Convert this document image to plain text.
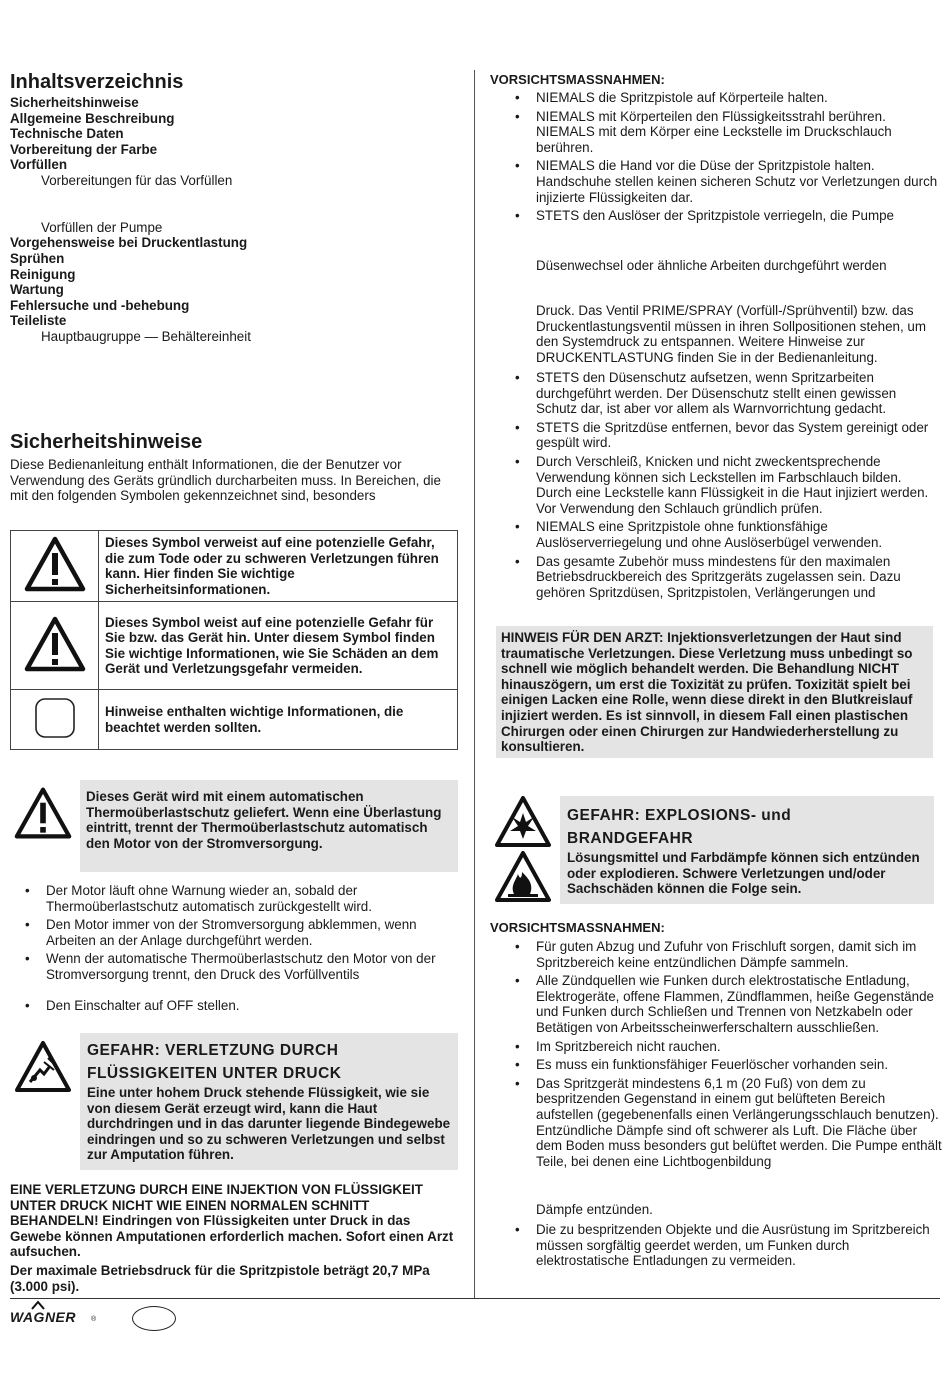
Inhaltsverzeichnis
Sicherheitshinweise
Allgemeine Beschreibung
Technische Daten
Vorbereitung der Farbe
Vorfüllen
Vorbereitungen für das Vorfüllen
Vorfüllen der Pumpe
Vorgehensweise bei Druckentlastung
Sprühen
Reinigung
Wartung
Fehlersuche und -behebung
Teileliste
Hauptbaugruppe — Behältereinheit
Sicherheitshinweise
Diese Bedienanleitung enthält Informationen, die der Benutzer vor Verwendung des Geräts gründlich durcharbeiten muss. In Bereichen, die mit den folgenden Symbolen gekennzeichnet sind, besonders
	Dieses Symbol verweist auf eine potenzielle Gefahr, die zum Tode oder zu schweren Verletzungen führen kann. Hier finden Sie wichtige Sicherheitsinformationen.
	Dieses Symbol weist auf eine potenzielle Gefahr für Sie bzw. das Gerät hin. Unter diesem Symbol finden Sie wichtige Informationen, wie Sie Schäden an dem Gerät und Verletzungsgefahr vermeiden.
	Hinweise enthalten wichtige Informationen, die beachtet werden sollten.
Dieses Gerät wird mit einem automatischen Thermoüberlastschutz geliefert. Wenn eine Überlastung eintritt, trennt der Thermoüberlastschutz automatisch den Motor von der Stromversorgung.
• Der Motor läuft ohne Warnung wieder an, sobald der Thermoüberlastschutz automatisch zurückgestellt wird.
• Den Motor immer von der Stromversorgung abklemmen, wenn Arbeiten an der Anlage durchgeführt werden.
• Wenn der automatische Thermoüberlastschutz den Motor von der Stromversorgung trennt, den Druck des Vorfüllventils
• Den Einschalter auf OFF stellen.
GEFAHR: VERLETZUNG DURCH
FLÜSSIGKEITEN UNTER DRUCK
Eine unter hohem Druck stehende Flüssigkeit, wie sie von diesem Gerät erzeugt wird, kann die Haut durchdringen und in das darunter liegende Bindegewebe eindringen und so zu schweren Verletzungen und selbst zur Amputation führen.
EINE VERLETZUNG DURCH EINE INJEKTION VON FLÜSSIGKEIT UNTER DRUCK NICHT WIE EINEN NORMALEN SCHNITT BEHANDELN! Eindringen von Flüssigkeiten unter Druck in das Gewebe können Amputationen erforderlich machen. Sofort einen Arzt aufsuchen.
Der maximale Betriebsdruck für die Spritzpistole beträgt 20,7 MPa (3.000 psi).
VORSICHTSMASSNAHMEN:
• NIEMALS die Spritzpistole auf Körperteile halten.
• NIEMALS mit Körperteilen den Flüssigkeitsstrahl berühren. NIEMALS mit dem Körper eine Leckstelle im Druckschlauch berühren.
• NIEMALS die Hand vor die Düse der Spritzpistole halten. Handschuhe stellen keinen sicheren Schutz vor Verletzungen durch injizierte Flüssigkeiten dar.
• STETS den Auslöser der Spritzpistole verriegeln, die Pumpe
Düsenwechsel oder ähnliche Arbeiten durchgeführt werden
Druck. Das Ventil PRIME/SPRAY (Vorfüll-/Sprühventil) bzw. das Druckentlastungsventil müssen in ihren Sollpositionen stehen, um den Systemdruck zu entspannen. Weitere Hinweise zur DRUCKENTLASTUNG finden Sie in der Bedienanleitung.
• STETS den Düsenschutz aufsetzen, wenn Spritzarbeiten durchgeführt werden. Der Düsenschutz stellt einen gewissen Schutz dar, ist aber vor allem als Warnvorrichtung gedacht.
• STETS die Spritzdüse entfernen, bevor das System gereinigt oder gespült wird.
• Durch Verschleiß, Knicken und nicht zweckentsprechende Verwendung können sich Leckstellen im Farbschlauch bilden. Durch eine Leckstelle kann Flüssigkeit in die Haut injiziert werden. Vor Verwendung den Schlauch gründlich prüfen.
• NIEMALS eine Spritzpistole ohne funktionsfähige Auslöserverriegelung und ohne Auslöserbügel verwenden.
• Das gesamte Zubehör muss mindestens für den maximalen Betriebsdruckbereich des Spritzgeräts zugelassen sein. Dazu gehören Spritzdüsen, Spritzpistolen, Verlängerungen und
HINWEIS FÜR DEN ARZT: Injektionsverletzungen der Haut sind traumatische Verletzungen. Diese Verletzung muss unbedingt so schnell wie möglich behandelt werden. Die Behandlung NICHT hinauszögern, um erst die Toxizität zu prüfen. Toxizität spielt bei einigen Lacken eine Rolle, wenn diese direkt in den Blutkreislauf injiziert werden. Es ist sinnvoll, in diesem Fall einen plastischen Chirurgen oder einen Chirurgen zur Handwiederherstellung zu konsultieren.
GEFAHR: EXPLOSIONS- und
BRANDGEFAHR
Lösungsmittel und Farbdämpfe können sich entzünden oder explodieren. Schwere Verletzungen und/oder Sachschäden können die Folge sein.
VORSICHTSMASSNAHMEN:
• Für guten Abzug und Zufuhr von Frischluft sorgen, damit sich im Spritzbereich keine entzündlichen Dämpfe sammeln.
• Alle Zündquellen wie Funken durch elektrostatische Entladung, Elektrogeräte, offene Flammen, Zündflammen, heiße Gegenstände und Funken durch Schließen und Trennen von Netzkabeln oder Betätigen von Arbeitsscheinwerferschaltern ausschließen.
• Im Spritzbereich nicht rauchen.
• Es muss ein funktionsfähiger Feuerlöscher vorhanden sein.
• Das Spritzgerät mindestens 6,1 m (20 Fuß) von dem zu bespritzenden Gegenstand in einem gut belüfteten Bereich aufstellen (gegebenenfalls einen Verlängerungsschlauch benutzen). Entzündliche Dämpfe sind oft schwerer als Luft. Die Fläche über dem Boden muss besonders gut belüftet werden. Die Pumpe enthält Teile, bei denen eine Lichtbogenbildung
Dämpfe entzünden.
• Die zu bespritzenden Objekte und die Ausrüstung im Spritzbereich müssen sorgfältig geerdet werden, um Funken durch elektrostatische Entladungen zu vermeiden.
WAGNER ®
